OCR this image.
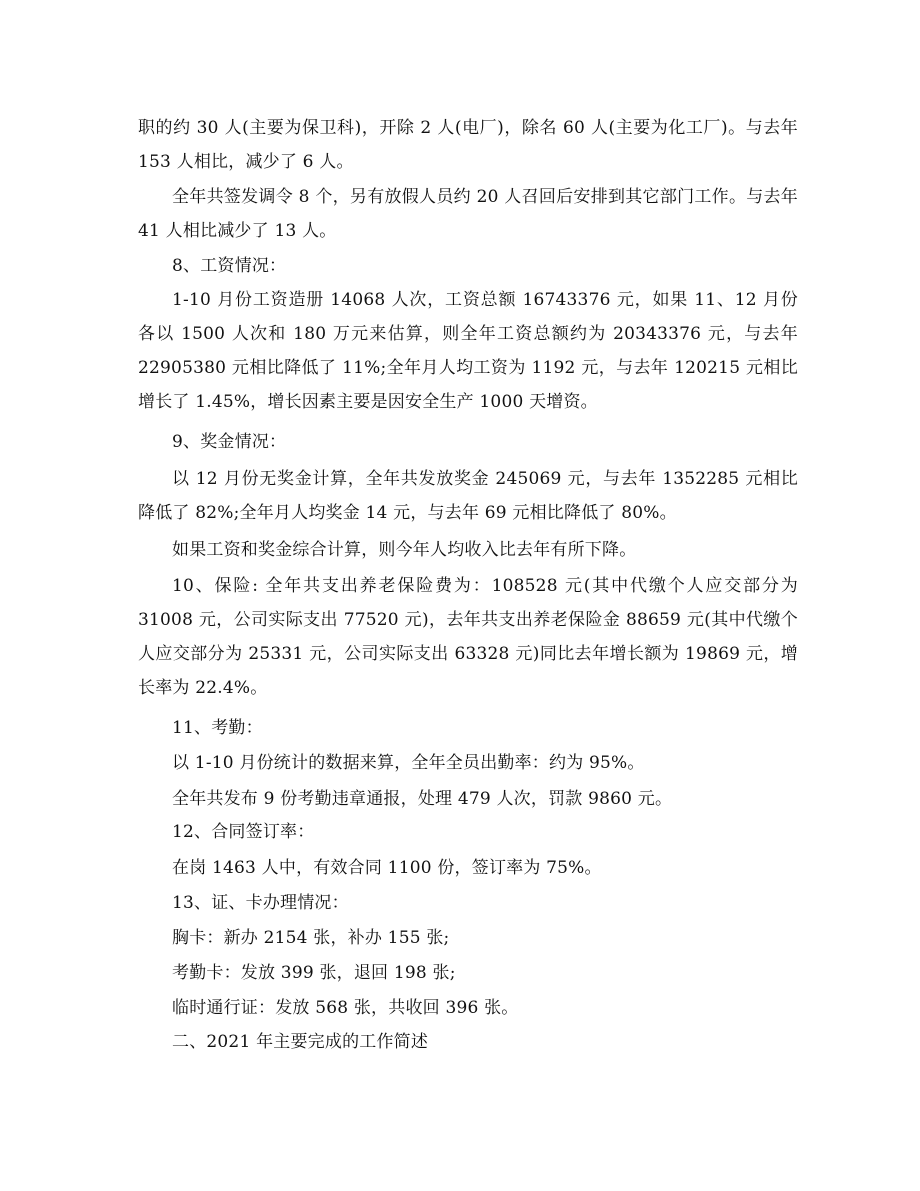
职的约 30 人(主要为保卫科)，开除 2 人(电厂)，除名 60 人(主要为化工厂)。与去年 153 人相比，减少了 6 人。

全年共签发调令 8 个，另有放假人员约 20 人召回后安排到其它部门工作。与去年 41 人相比减少了 13 人。

8、工资情况：

1-10 月份工资造册 14068 人次，工资总额 16743376 元，如果 11、12 月份各以 1500 人次和 180 万元来估算，则全年工资总额约为 20343376 元，与去年 22905380 元相比降低了 11%;全年月人均工资为 1192 元，与去年 120215 元相比增长了 1.45%，增长因素主要是因安全生产 1000 天增资。

9、奖金情况：

以 12 月份无奖金计算，全年共发放奖金 245069 元，与去年 1352285 元相比降低了 82%;全年月人均奖金 14 元，与去年 69 元相比降低了 80%。

如果工资和奖金综合计算，则今年人均收入比去年有所下降。

10、保险: 全年共支出养老保险费为：108528 元(其中代缴个人应交部分为 31008 元，公司实际支出 77520 元)，去年共支出养老保险金 88659 元(其中代缴个人应交部分为 25331 元，公司实际支出 63328 元)同比去年增长额为 19869 元，增长率为 22.4%。

11、考勤：

以 1-10 月份统计的数据来算，全年全员出勤率：约为 95%。

全年共发布 9 份考勤违章通报，处理 479 人次，罚款 9860 元。

12、合同签订率：

在岗 1463 人中，有效合同 1100 份，签订率为 75%。

13、证、卡办理情况：

胸卡：新办 2154 张，补办 155 张;

考勤卡：发放 399 张，退回 198 张;

临时通行证：发放 568 张，共收回 396 张。

二、2021 年主要完成的工作简述
